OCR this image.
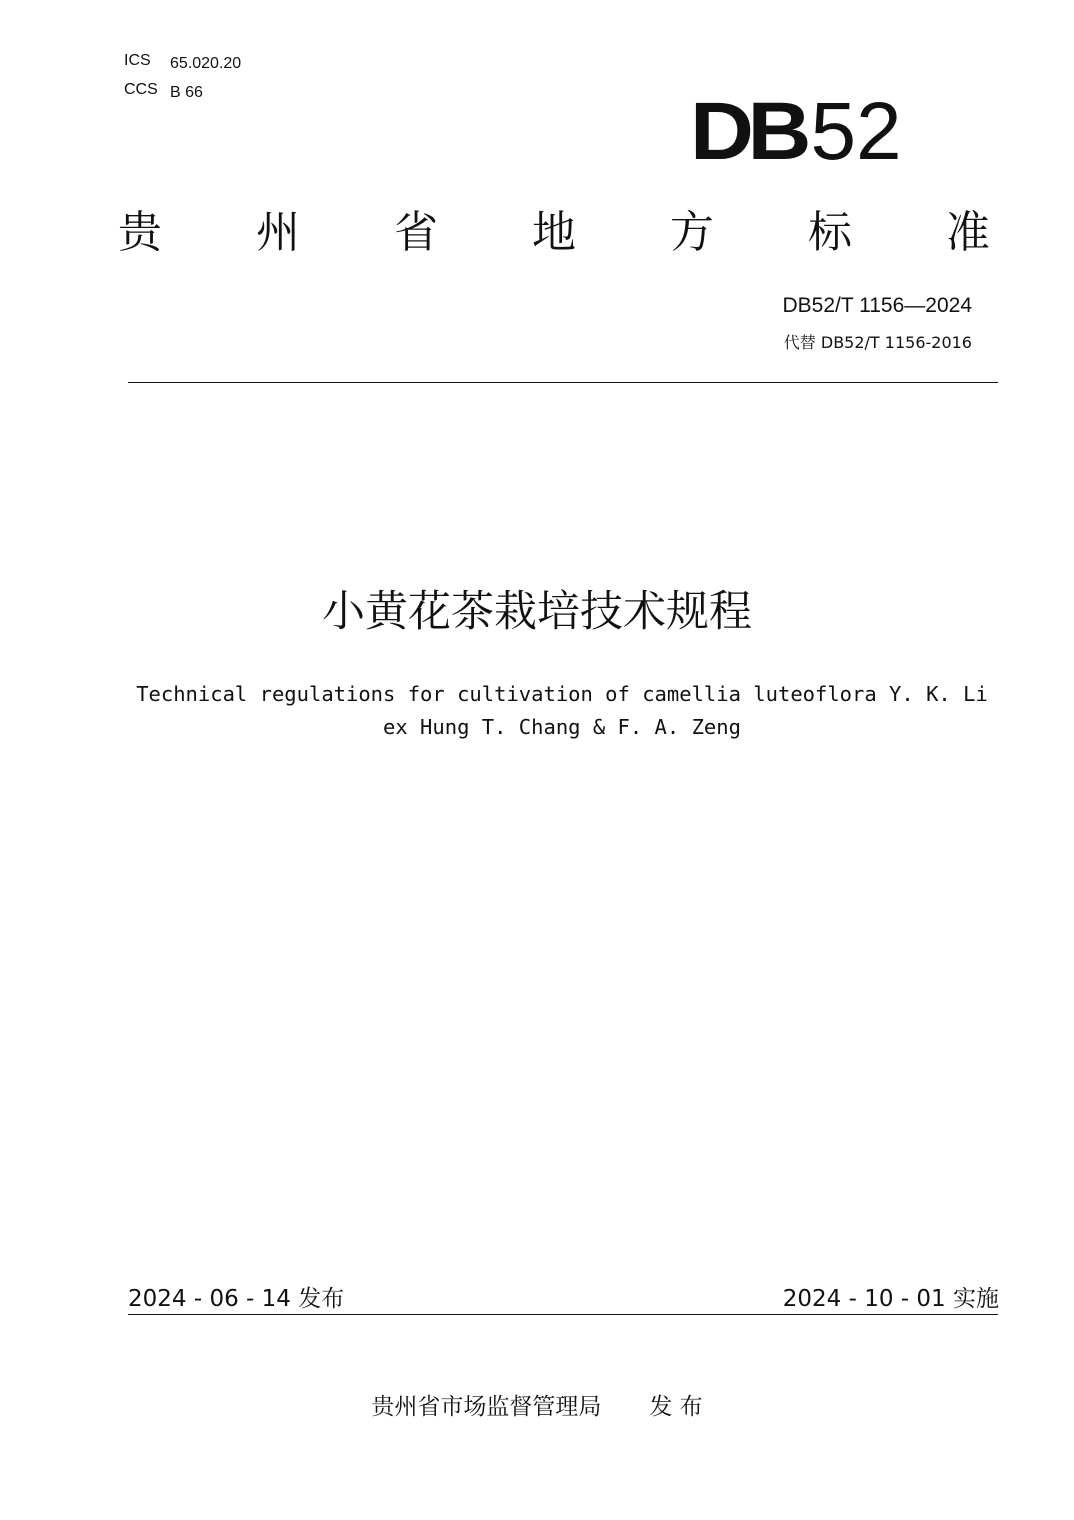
ICS 65.020.20
CCS B 66	DB 52
贵 州 省 地 方 标 准
DB52/T 1156—2024
代替 DB52/T 1156-2016
小黄花茶栽培技术规程
Technical regulations for cultivation of camellia luteoflora Y. K. Li
ex Hung T. Chang & F. A. Zeng
2024 - 06 - 14 发布	2024 - 10 - 01 实施
贵州省市场监督管理局 发 布
